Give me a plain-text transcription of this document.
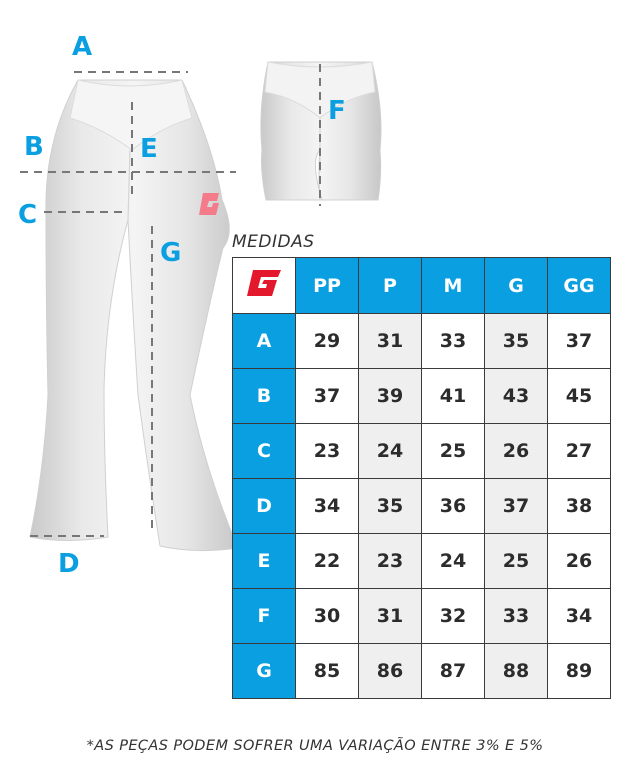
A
B	E
C
G
D
F
MEDIDAS
	PP	P	M	G	GG
A	29	31	33	35	37
B	37	39	41	43	45
C	23	24	25	26	27
D	34	35	36	37	38
E	22	23	24	25	26
F	30	31	32	33	34
G	85	86	87	88	89
*AS PEÇAS PODEM SOFRER UMA VARIAÇÃO ENTRE 3% E 5%
